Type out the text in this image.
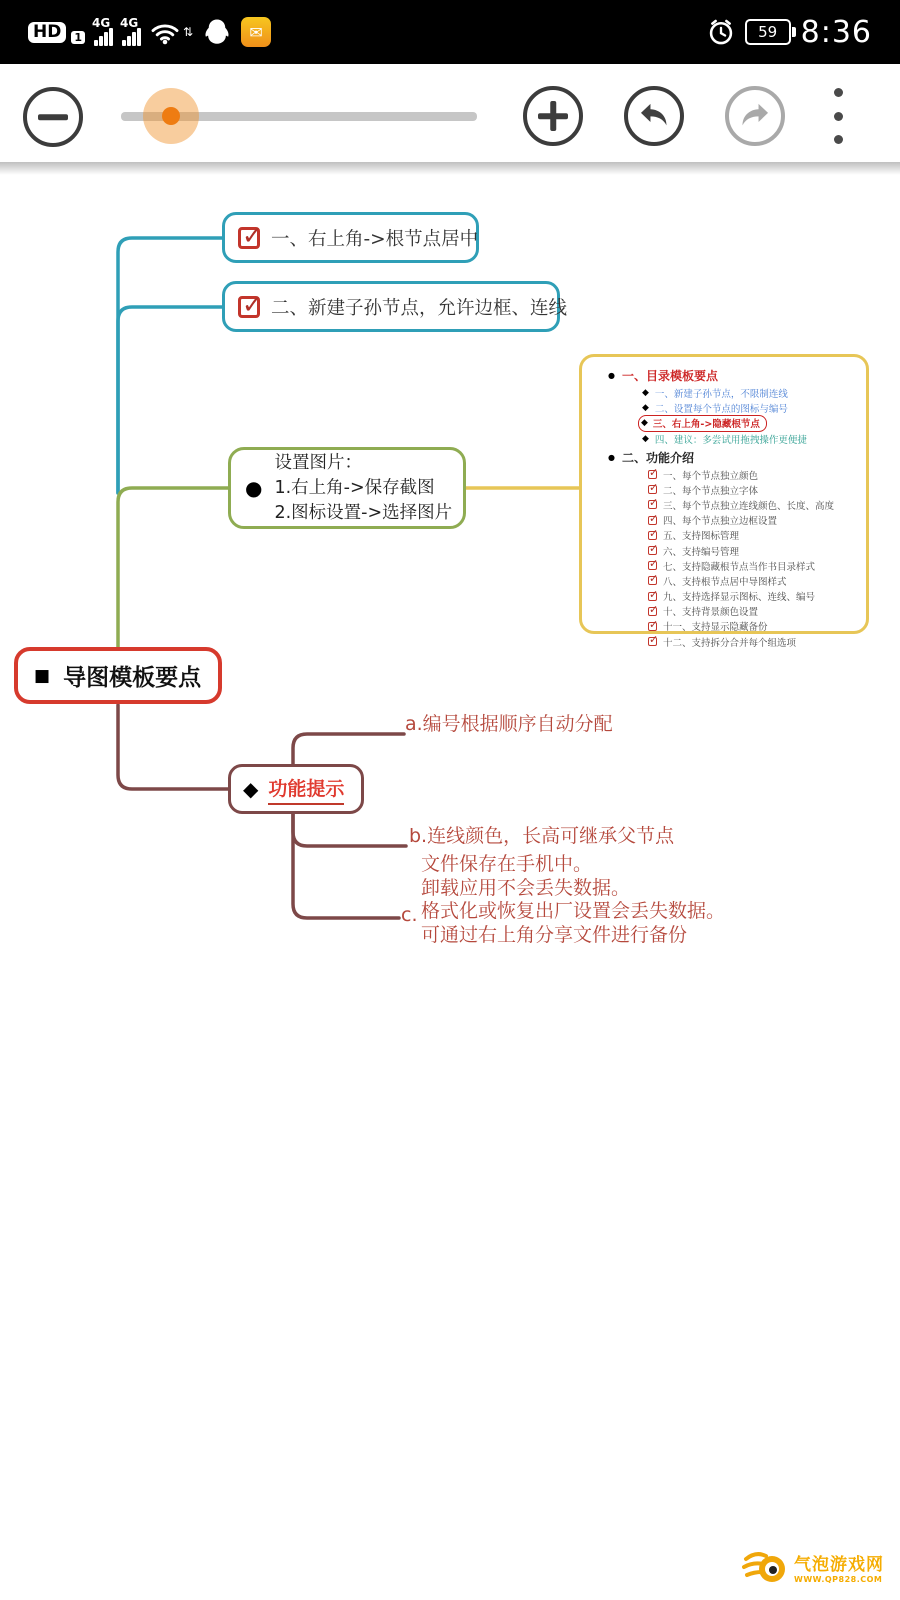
HD	1
4G 4G
⇅	✉	59 8:36
✓
一、右上角->根节点居中
✓
二、新建子孙节点，允许边框、连线
●
设置图片：
1.右上角->保存截图
2.图标设置->选择图片
● 一、目录模板要点
◆ 一、新建子孙节点，不限制连线
◆ 二、设置每个节点的图标与编号
◆ 三、右上角->隐藏根节点
◆ 四、建议：多尝试用拖拽操作更便捷
● 二、功能介绍
✓
一、每个节点独立颜色
✓
二、每个节点独立字体
✓
三、每个节点独立连线颜色、长度、高度
✓
四、每个节点独立边框设置
✓
五、支持图标管理
✓
六、支持编号管理
✓
七、支持隐藏根节点当作书目录样式
✓
八、支持根节点居中导图样式
✓
九、支持选择显示图标、连线、编号
✓
十、支持背景颜色设置
✓
十一、支持显示隐藏备份
✓
十二、支持拆分合并每个组选项
■ 导图模板要点
◆ 功能提示
a.编号根据顺序自动分配
b.连线颜色，长高可继承父节点
c.
文件保存在手机中。
卸载应用不会丢失数据。
格式化或恢复出厂设置会丢失数据。
可通过右上角分享文件进行备份
气泡游戏网
WWW.QP828.COM
